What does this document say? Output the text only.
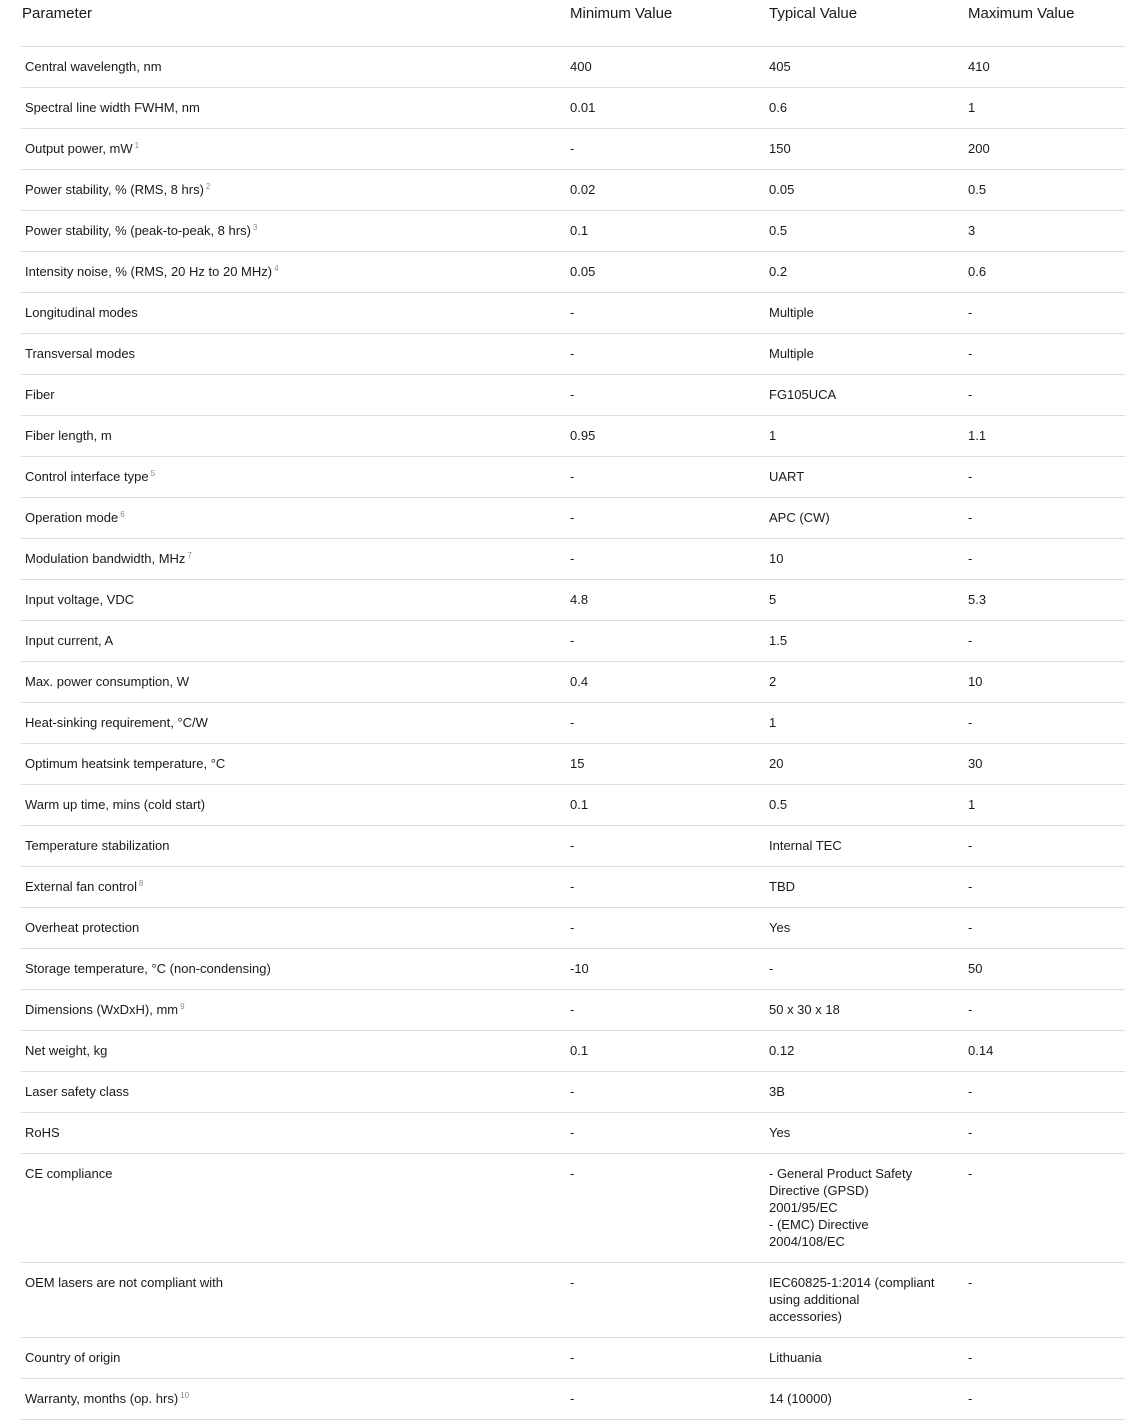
Parameter	Minimum Value	Typical Value	Maximum Value
Central wavelength, nm	400	405	410
Spectral line width FWHM, nm	0.01	0.6	1
Output power, mW $^1$	-	150	200
Power stability, % (RMS, 8 hrs) $^2$	0.02	0.05	0.5
Power stability, % (peak-to-peak, 8 hrs) $^3$	0.1	0.5	3
Intensity noise, % (RMS, 20 Hz to 20 MHz) $^4$	0.05	0.2	0.6
Longitudinal modes	-	Multiple	-
Transversal modes	-	Multiple	-
Fiber	-	FG105UCA	-
Fiber length, m	0.95	1	1.1
Control interface type $^5$	-	UART	-
Operation mode $^6$	-	APC (CW)	-
Modulation bandwidth, MHz $^7$	-	10	-
Input voltage, VDC	4.8	5	5.3
Input current, A	-	1.5	-
Max. power consumption, W	0.4	2	10
Heat-sinking requirement, °C/W	-	1	-
Optimum heatsink temperature, °C	15	20	30
Warm up time, mins (cold start)	0.1	0.5	1
Temperature stabilization	-	Internal TEC	-
External fan control $^8$	-	TBD	-
Overheat protection	-	Yes	-
Storage temperature, °C (non-condensing)	-10	-	50
Dimensions (WxDxH), mm $^9$	-	50 x 30 x 18	-
Net weight, kg	0.1	0.12	0.14
Laser safety class	-	3B	-
RoHS	-	Yes	-
CE compliance	-	- General Product Safety
Directive (GPSD)
2001/95/EC
- (EMC) Directive
2004/108/EC	-
OEM lasers are not compliant with	-	IEC60825-1:2014 (compliant
using additional
accessories)	-
Country of origin	-	Lithuania	-
Warranty, months (op. hrs) $^{10}$	-	14 (10000)	-
